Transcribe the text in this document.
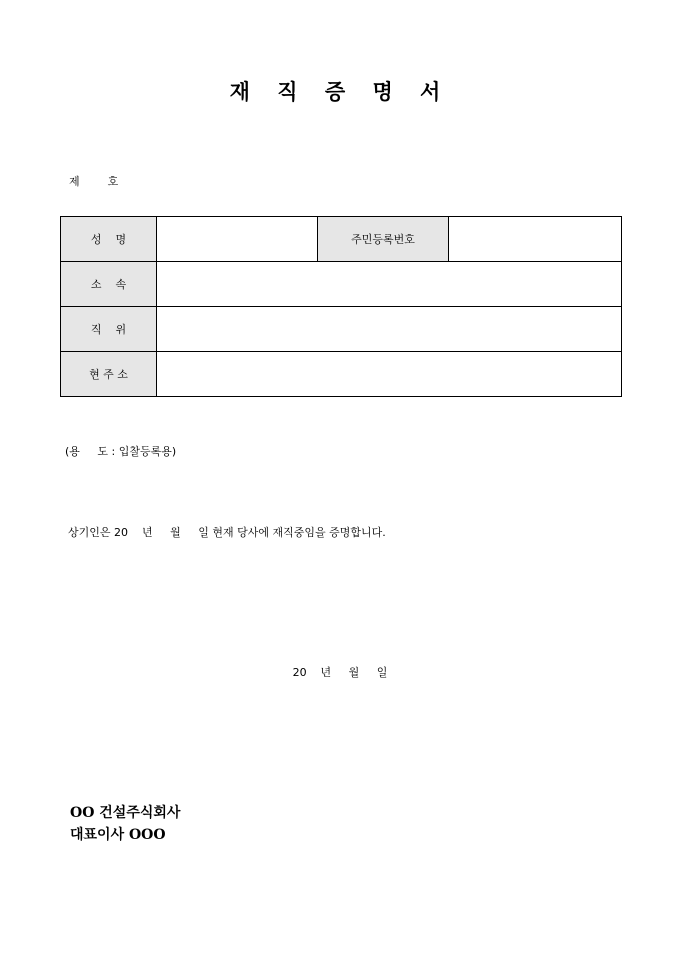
재 직 증 명 서
제        호
성    명		주민등록번호	
소    속			
직    위			
현 주 소			
(용     도 : 입찰등록용)
상기인은 20    년     월     일 현재 당사에 재직중임을 증명합니다.
20    년     월     일
OO 건설주식회사
대표이사 OOO
